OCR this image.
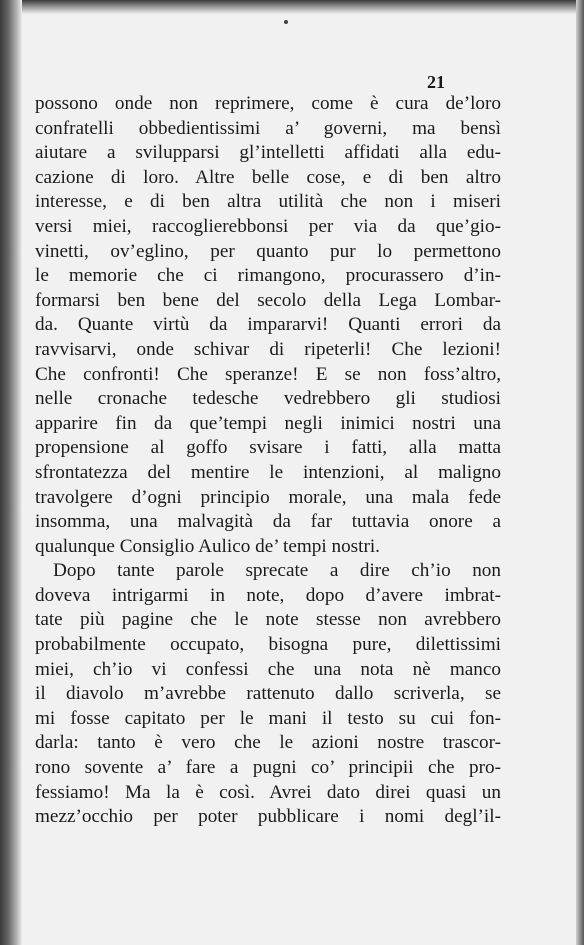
21
possono onde non reprimere, come è cura de’loro
confratelli obbedientissimi a’ governi, ma bensì
aiutare a svilupparsi gl’intelletti affidati alla edu-
cazione di loro. Altre belle cose, e di ben altro
interesse, e di ben altra utilità che non i miseri
versi miei, raccoglierebbonsi per via da que’gio-
vinetti, ov’eglino, per quanto pur lo permettono
le memorie che ci rimangono, procurassero d’in-
formarsi ben bene del secolo della Lega Lombar-
da. Quante virtù da impararvi! Quanti errori da
ravvisarvi, onde schivar di ripeterli! Che lezioni!
Che confronti! Che speranze! E se non foss’altro,
nelle cronache tedesche vedrebbero gli studiosi
apparire fin da que’tempi negli inimici nostri una
propensione al goffo svisare i fatti, alla matta
sfrontatezza del mentire le intenzioni, al maligno
travolgere d’ogni principio morale, una mala fede
insomma, una malvagità da far tuttavia onore a
qualunque Consiglio Aulico de’ tempi nostri.
Dopo tante parole sprecate a dire ch’io non
doveva intrigarmi in note, dopo d’avere imbrat-
tate più pagine che le note stesse non avrebbero
probabilmente occupato, bisogna pure, dilettissimi
miei, ch’io vi confessi che una nota nè manco
il diavolo m’avrebbe rattenuto dallo scriverla, se
mi fosse capitato per le mani il testo su cui fon-
darla: tanto è vero che le azioni nostre trascor-
rono sovente a’ fare a pugni co’ principii che pro-
fessiamo! Ma la è così. Avrei dato direi quasi un
mezz’occhio per poter pubblicare i nomi degl’il-
